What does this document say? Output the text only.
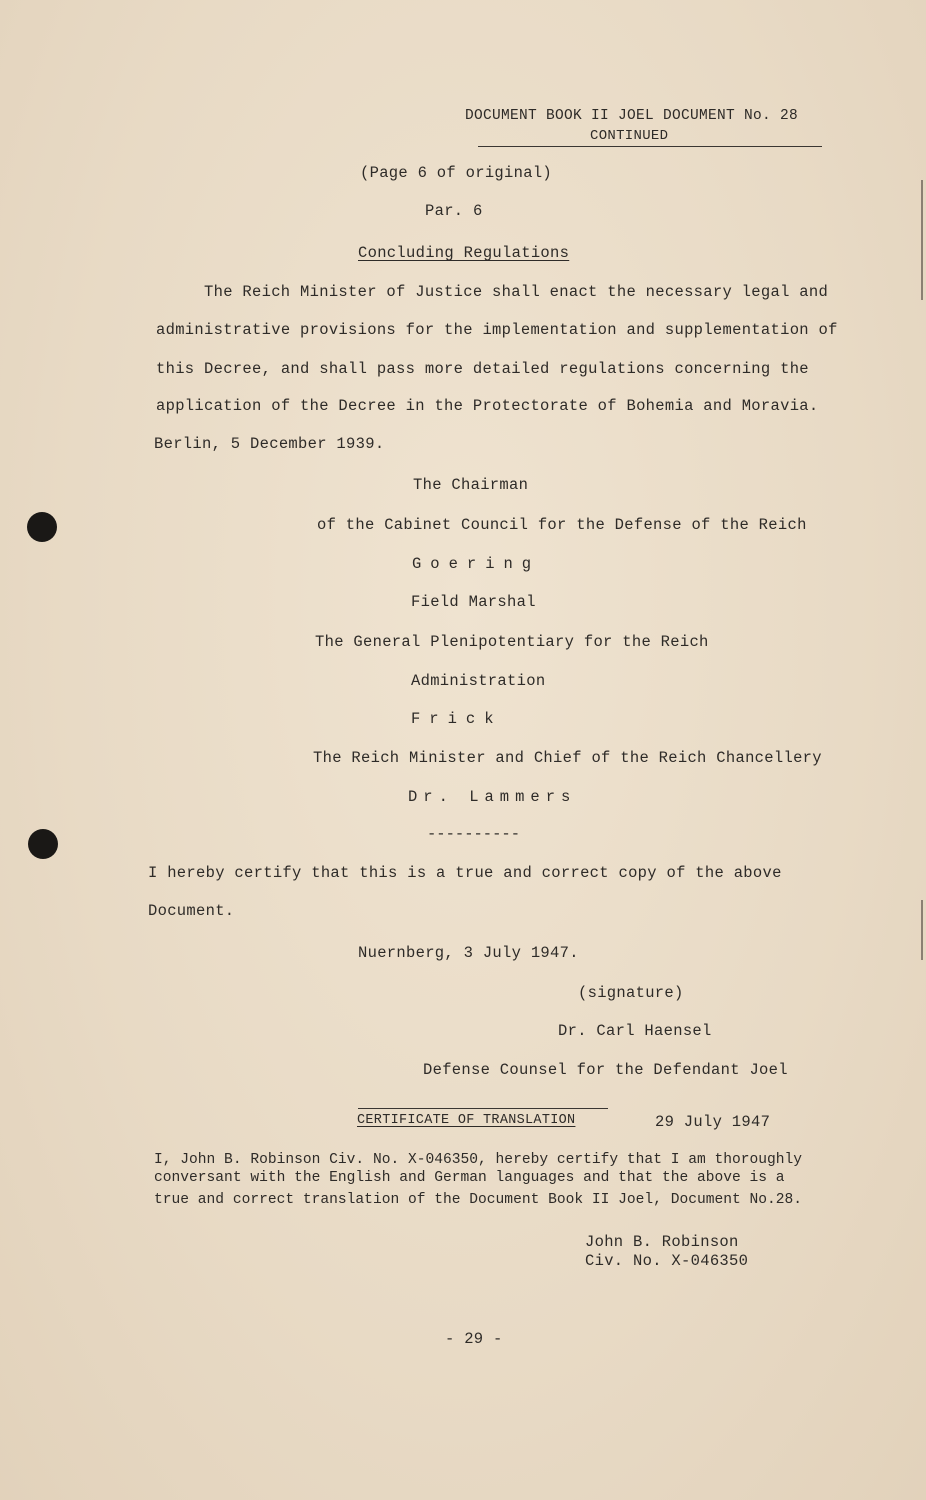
DOCUMENT BOOK II JOEL DOCUMENT No. 28
CONTINUED
(Page 6 of original)
Par. 6
Concluding Regulations
The Reich Minister of Justice shall enact the necessary legal and
administrative provisions for the implementation and supplementation of
this Decree, and shall pass more detailed regulations concerning the
application of the Decree in the Protectorate of Bohemia and Moravia.
Berlin, 5 December 1939.
The Chairman
of the Cabinet Council for the Defense of the Reich
Goering
Field Marshal
The General Plenipotentiary for the Reich
Administration
Frick
The Reich Minister and Chief of the Reich Chancellery
Dr. Lammers
----------
I hereby certify that this is a true and correct copy of the above
Document.
Nuernberg, 3 July 1947.
(signature)
Dr. Carl Haensel
Defense Counsel for the Defendant Joel
CERTIFICATE OF TRANSLATION	29 July 1947
I, John B. Robinson Civ. No. X-046350, hereby certify that I am thoroughly
conversant with the English and German languages and that the above is a
true and correct translation of the Document Book II Joel, Document No.28.
John B. Robinson
Civ. No. X-046350
- 29 -
